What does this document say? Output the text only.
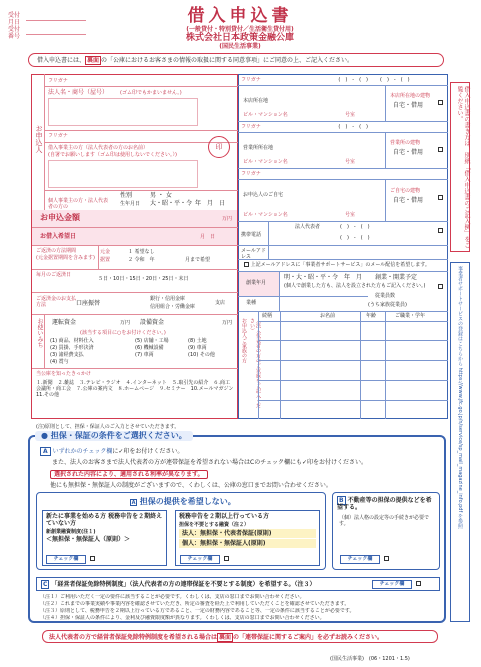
受付
月日
受付
番号
借入申込書
(一般貸付・特別貸付／生活衛生貸付用)
株式会社日本政策金融公庫
(国民生活事業)
借入申込書には、 裏面 の「公庫におけるお客さまの情報の取扱に関する同意事項」にご同意の上、ご記入ください。
お申込人
フリガナ
法人名・商号（屋号） (ゴム印でもかまいません。)
フリガナ
借入事業主の方（法人代表者の方のお名前）
(自署でお願いします（ゴム印は使用しないでください。）)
印
個人事業主の方・法人代表者の方の
性別	男 ・ 女
生年月日 大・昭・平・令 年　月　日
お申込金額	万円
お借入希望日	月　日
ご返済の方法期間
(元金据置期間を含みます)
元金
据置
１ 希望なし
２ 令和　年	月まで希望
毎月のご返済日
５日・10日・15日・20日・25日・末日
ご返済金のお支払方法	口座振替
銀行・信用金庫
信用組合・労働金庫
支店
お使いみち 運転資金	万円 設備資金	万円
(該当する項目に○をお付けください。)
(1) 商品、材料仕入
(2) 買掛、手形決済
(3) 諸経費支払
(4) 賞与
(5) 店舗・工場
(6) 機械設備
(7) 車両
(8) 土地
(9) 車両
(10) その他
当公庫を知ったきっかけ
１.新聞　２.雑誌　３.テレビ・ラジオ　４.インターネット　５.取引先の紹介　６.商工会議所・商工会　７.公庫の案内文　８.ホームページ　９.セミナー　10.メールマガジン　11.その他
(注)原則として、担保・保証人のご入力とさせていただきます。
フリガナ	(　)　-　(　) (　)　-　(　)
本店所在地
ビル・マンション名	号室
本店所在地の建物
自宅・借用
フリガナ	(　)　-　(　)
営業所所在地
ビル・マンション名	号室
営業所の建物
自宅・借用
フリガナ
お申込人のご自宅
ビル・マンション名	号室
ご自宅の建物
自宅・借用
携帯電話
法人代表者	(　)　-　(　)
(　)　-　(　)
メールアドレス
上記メールアドレスに「事業者サポートサービス」のメール配信を希望します。
創業年月
明・大・昭・平・令 年　月 創業・開業予定
(個人で創業した方も、法人を設立された方もご記入ください。)
従業員数
(うち家族従業員)
業種
お申込人ご家族の方	（法人代表者の方のご家族をご記入ください）
続柄	お名前	年齢	ご職業・学年
借入申込書の書き方は、別紙「借入申込書のご記入例」をご覧ください。
事業者サポートサービスの登録はこちらから https://www.jfc.go.jp/n/service/sp_mail_magazine_info.pdf を参照
● 担保・保証の条件をご選択ください。
A いずれかのチェック欄に✓印をお付けください。
また、法人のお客さまで法人代表者の方が連帯保証を希望されない場合はCのチェック欄にも✓印をお付けください。
選択された内容により、適用される利率が異なります。
他にも無担保・無保証人の制度がございますので、くわしくは、公庫の窓口までお問い合わせください。
A 担保の提供を希望しない。
新たに事業を始める方 税務申告を２期終えていない方
新創業融資制度(注１)
＜無担保・無保証人（原則）＞
チェック欄
税務申告を２期以上行っている方
担保を不要とする融資（注２）
法人：無担保・代表者保証(原則)
個人：無担保・無保証人(原則)
チェック欄
B 不動産等の担保の提供などを希望する。
（個）法人格の設定等の手続きが必要です。
チェック欄
C 「経営者保証免除特例制度」（法人代表者の方の連帯保証を不要とする制度）を希望する。（注３）	チェック欄
（注１）ご利用いただく一定の要件に該当することが必要です。くわしくは、支店の窓口までお問い合わせください。
（注２）これまでの事業実績や事業内容を確認させていただき、所定の審査を経た上で利用していただくことを確認させていただきます。
（注３）原則として、税務申告を２期以上行っている方であること、一定の財務内容であること等、一定の条件に該当することが必要です。
（注４）担保・保証人の条件により、金利及び融資限度額が異なります。くわしくは、支店の窓口までお問い合わせください。
法人代表者の方で経営者保証免除特例制度を希望される場合は 裏面 の「連帯保証に関するご案内」を必ずお読みください。
(国民生活事業)　(06・1201・1.5)
